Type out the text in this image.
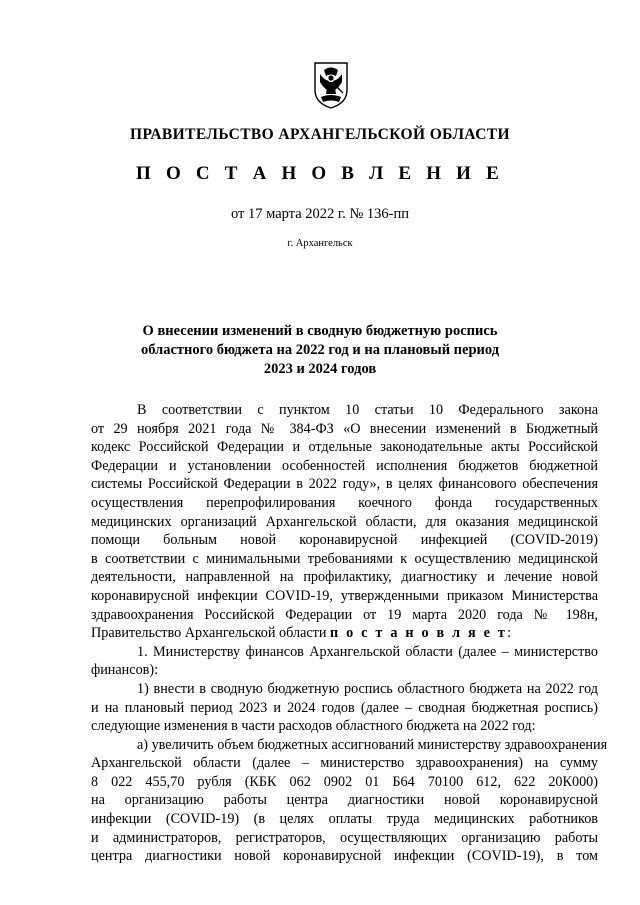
ПРАВИТЕЛЬСТВО АРХАНГЕЛЬСКОЙ ОБЛАСТИ
П О С Т А Н О В Л Е Н И Е
от 17 марта 2022 г. № 136-пп
г. Архангельск
О внесении изменений в сводную бюджетную роспись
областного бюджета на 2022 год и на плановый период
2023 и 2024 годов
В соответствии с пунктом 10 статьи 10 Федерального закона
от 29 ноября 2021 года № 384-ФЗ «О внесении изменений в Бюджетный
кодекс Российской Федерации и отдельные законодательные акты Российской
Федерации и установлении особенностей исполнения бюджетов бюджетной
системы Российской Федерации в 2022 году», в целях финансового обеспечения
осуществления перепрофилирования коечного фонда государственных
медицинских организаций Архангельской области, для оказания медицинской
помощи больным новой коронавирусной инфекцией (COVID-2019)
в соответствии с минимальными требованиями к осуществлению медицинской
деятельности, направленной на профилактику, диагностику и лечение новой
коронавирусной инфекции COVID-19, утвержденными приказом Министерства
здравоохранения Российской Федерации от 19 марта 2020 года № 198н,
Правительство Архангельской области п о с т а н о в л я е т:
1. Министерству финансов Архангельской области (далее – министерство
финансов):
1) внести в сводную бюджетную роспись областного бюджета на 2022 год
и на плановый период 2023 и 2024 годов (далее – сводная бюджетная роспись)
следующие изменения в части расходов областного бюджета на 2022 год:
а) увеличить объем бюджетных ассигнований министерству здравоохранения
Архангельской области (далее – министерство здравоохранения) на сумму
8 022 455,70 рубля (КБК 062 0902 01 Б64 70100 612, 622 20К000)
на организацию работы центра диагностики новой коронавирусной
инфекции (COVID-19) (в целях оплаты труда медицинских работников
и администраторов, регистраторов, осуществляющих организацию работы
центра диагностики новой коронавирусной инфекции (COVID-19), в том
